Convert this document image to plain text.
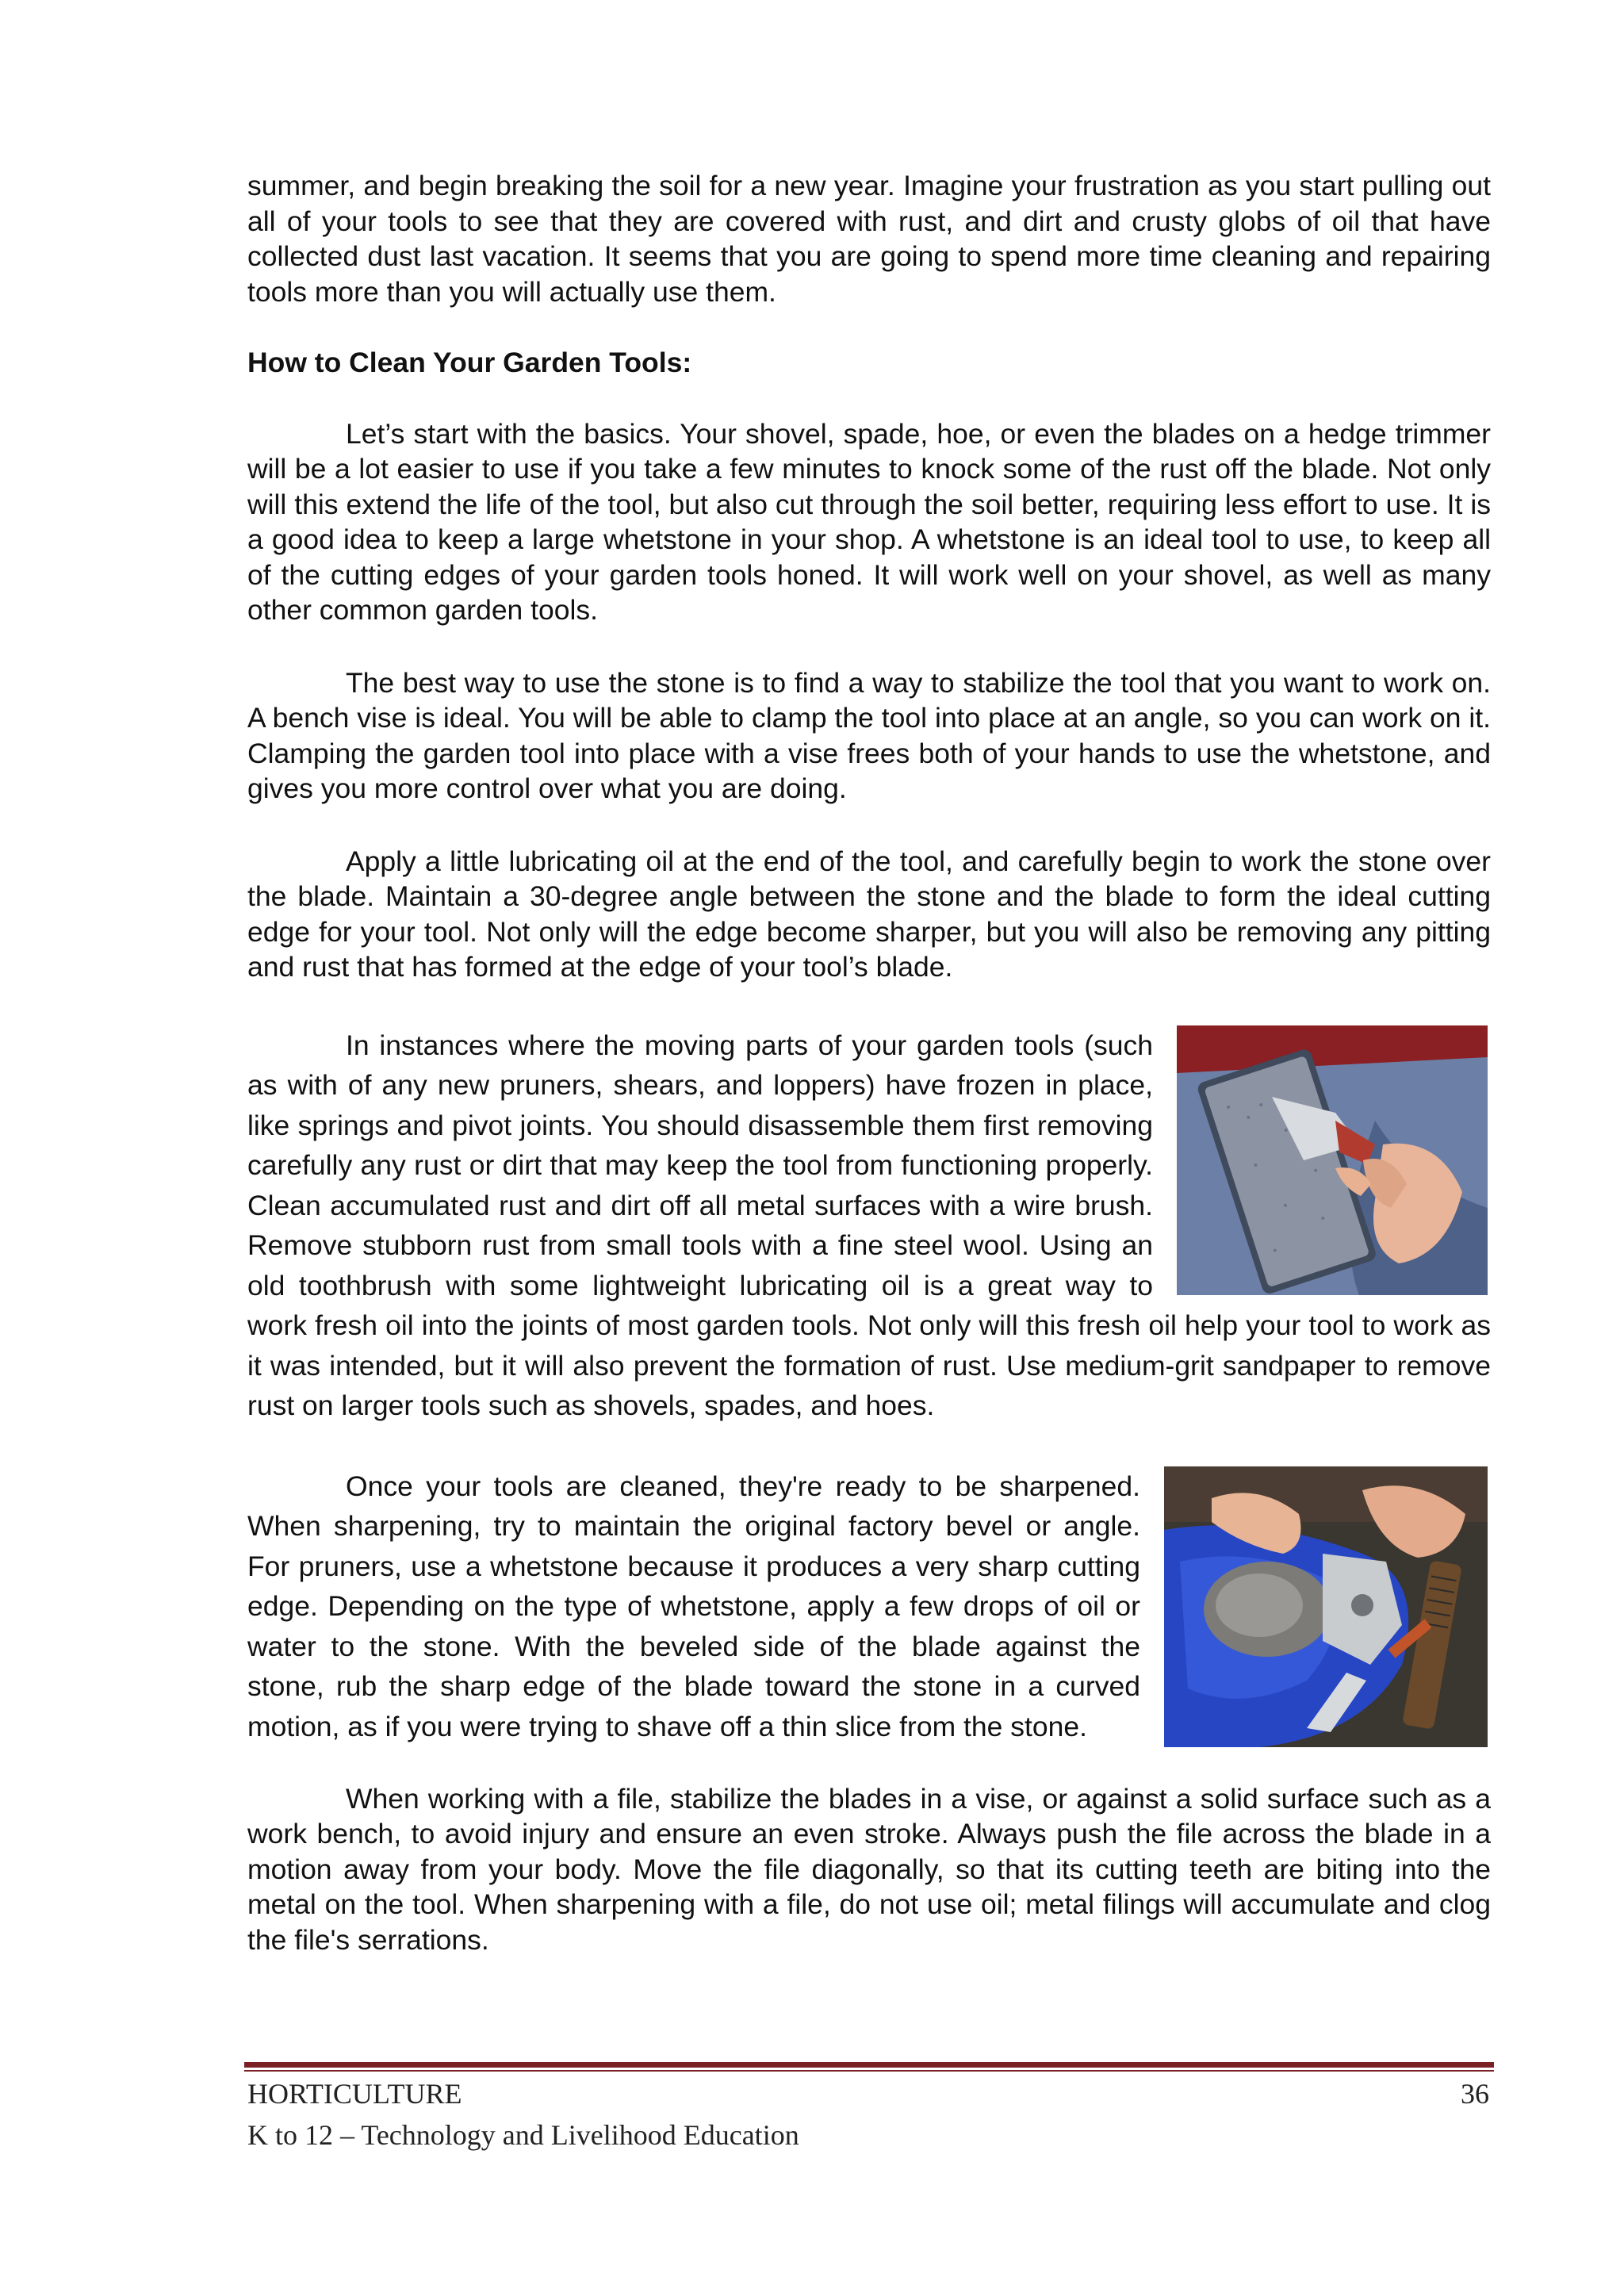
summer, and begin breaking the soil for a new year. Imagine your frustration as you start pulling out all of your tools to see that they are covered with rust, and dirt and crusty globs of oil that have collected dust last vacation. It seems that you are going to spend more time cleaning and repairing tools more than you will actually use them.

How to Clean Your Garden Tools:

Let’s start with the basics. Your shovel, spade, hoe, or even the blades on a hedge trimmer will be a lot easier to use if you take a few minutes to knock some of the rust off the blade. Not only will this extend the life of the tool, but also cut through the soil better, requiring less effort to use. It is a good idea to keep a large whetstone in your shop. A whetstone is an ideal tool to use, to keep all of the cutting edges of your garden tools honed. It will work well on your shovel, as well as many other common garden tools.

The best way to use the stone is to find a way to stabilize the tool that you want to work on. A bench vise is ideal. You will be able to clamp the tool into place at an angle, so you can work on it. Clamping the garden tool into place with a vise frees both of your hands to use the whetstone, and gives you more control over what you are doing.

Apply a little lubricating oil at the end of the tool, and carefully begin to work the stone over the blade. Maintain a 30-degree angle between the stone and the blade to form the ideal cutting edge for your tool. Not only will the edge become sharper, but you will also be removing any pitting and rust that has formed at the edge of your tool’s blade.

In instances where the moving parts of your garden tools (such as with of any new pruners, shears, and loppers) have frozen in place, like springs and pivot joints. You should disassemble them first removing carefully any rust or dirt that may keep the tool from functioning properly. Clean accumulated rust and dirt off all metal surfaces with a wire brush. Remove stubborn rust from small tools with a fine steel wool. Using an old toothbrush with some lightweight lubricating oil is a great way to work fresh oil into the joints of most garden tools. Not only will this fresh oil help your tool to work as it was intended, but it will also prevent the formation of rust. Use medium-grit sandpaper to remove rust on larger tools such as shovels, spades, and hoes.

Once your tools are cleaned, they're ready to be sharpened. When sharpening, try to maintain the original factory bevel or angle. For pruners, use a whetstone because it produces a very sharp cutting edge. Depending on the type of whetstone, apply a few drops of oil or water to the stone. With the beveled side of the blade against the stone, rub the sharp edge of the blade toward the stone in a curved motion, as if you were trying to shave off a thin slice from the stone.

When working with a file, stabilize the blades in a vise, or against a solid surface such as a work bench, to avoid injury and ensure an even stroke. Always push the file across the blade in a motion away from your body. Move the file diagonally, so that its cutting teeth are biting into the metal on the tool. When sharpening with a file, do not use oil; metal filings will accumulate and clog the file's serrations.

HORTICULTURE	36
K to 12 – Technology and Livelihood Education
